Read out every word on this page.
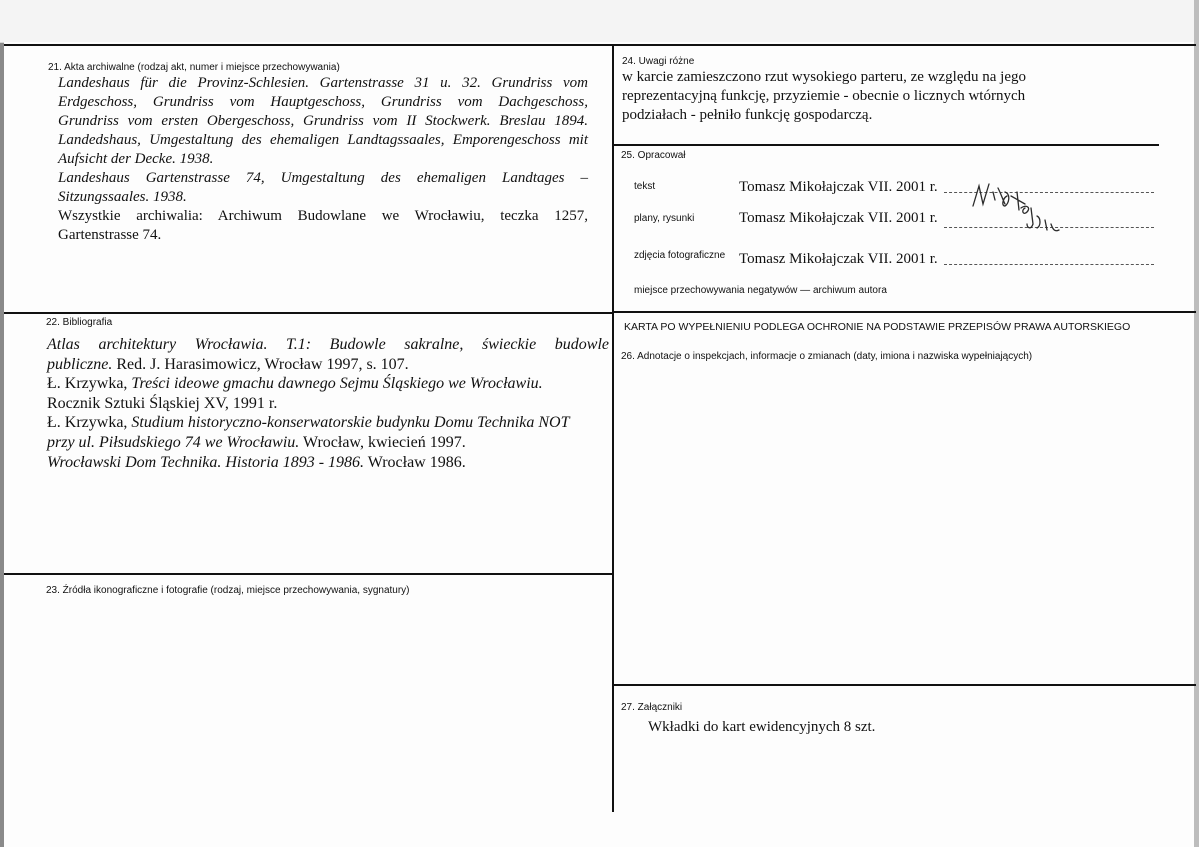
21. Akta archiwalne (rodzaj akt, numer i miejsce przechowywania)
Landeshaus für die Provinz-Schlesien. Gartenstrasse 31 u. 32. Grundriss vom
Erdgeschoss, Grundriss vom Hauptgeschoss, Grundriss vom Dachgeschoss,
Grundriss vom ersten Obergeschoss, Grundriss vom II Stockwerk. Breslau 1894.
Landedshaus, Umgestaltung des ehemaligen Landtagssaales, Emporengeschoss mit
Aufsicht der Decke. 1938.
Landeshaus Gartenstrasse 74, Umgestaltung des ehemaligen Landtages –
Sitzungssaales. 1938.
Wszystkie archiwalia: Archiwum Budowlane we Wrocławiu, teczka 1257,
Gartenstrasse 74.
22. Bibliografia
Atlas architektury Wrocławia. T.1: Budowle sakralne, świeckie budowle
publiczne. Red. J. Harasimowicz, Wrocław 1997, s. 107.
Ł. Krzywka, Treści ideowe gmachu dawnego Sejmu Śląskiego we Wrocławiu.
Rocznik Sztuki Śląskiej XV, 1991 r.
Ł. Krzywka, Studium historyczno-konserwatorskie budynku Domu Technika NOT
przy ul. Piłsudskiego 74 we Wrocławiu. Wrocław, kwiecień 1997.
Wrocławski Dom Technika. Historia 1893 - 1986. Wrocław 1986.
23. Źródła ikonograficzne i fotografie (rodzaj, miejsce przechowywania, sygnatury)
24. Uwagi różne
w karcie zamieszczono rzut wysokiego parteru, ze względu na jego
reprezentacyjną funkcję, przyziemie - obecnie o licznych wtórnych
podziałach - pełniło funkcję gospodarczą.
25. Opracował
tekst	Tomasz Mikołajczak VII. 2001 r.
plany, rysunki	Tomasz Mikołajczak VII. 2001 r.
zdjęcia fotograficzne Tomasz Mikołajczak VII. 2001 r.
miejsce przechowywania negatywów — archiwum autora
KARTA PO WYPEŁNIENIU PODLEGA OCHRONIE NA PODSTAWIE PRZEPISÓW PRAWA AUTORSKIEGO
26. Adnotacje o inspekcjach, informacje o zmianach (daty, imiona i nazwiska wypełniających)
27. Załączniki
Wkładki do kart ewidencyjnych 8 szt.
